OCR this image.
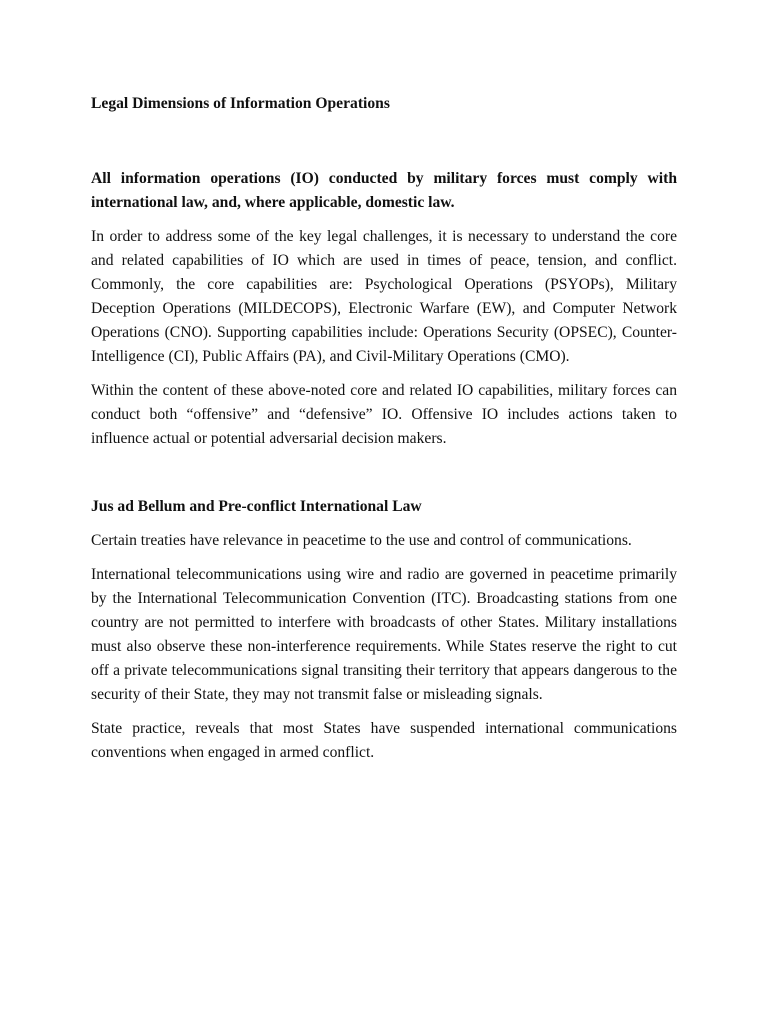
Legal Dimensions of Information Operations

All information operations (IO) conducted by military forces must comply with international law, and, where applicable, domestic law.

In order to address some of the key legal challenges, it is necessary to understand the core and related capabilities of IO which are used in times of peace, tension, and conflict. Commonly, the core capabilities are: Psychological Operations (PSYOPs), Military Deception Operations (MILDECOPS), Electronic Warfare (EW), and Computer Network Operations (CNO). Supporting capabilities include: Operations Security (OPSEC), Counter-Intelligence (CI), Public Affairs (PA), and Civil-Military Operations (CMO).

Within the content of these above-noted core and related IO capabilities, military forces can conduct both “offensive” and “defensive” IO. Offensive IO includes actions taken to influence actual or potential adversarial decision makers.

Jus ad Bellum and Pre-conflict International Law

Certain treaties have relevance in peacetime to the use and control of communications.

International telecommunications using wire and radio are governed in peacetime primarily by the International Telecommunication Convention (ITC). Broadcasting stations from one country are not permitted to interfere with broadcasts of other States. Military installations must also observe these non-interference requirements. While States reserve the right to cut off a private telecommunications signal transiting their territory that appears dangerous to the security of their State, they may not transmit false or misleading signals.

State practice, reveals that most States have suspended international communications conventions when engaged in armed conflict.
